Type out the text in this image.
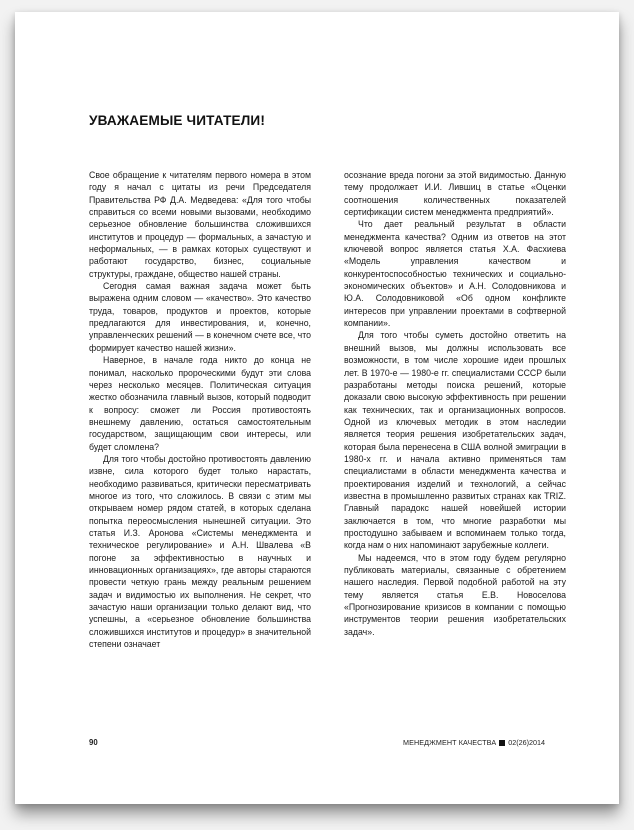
УВАЖАЕМЫЕ ЧИТАТЕЛИ!

Свое обращение к читателям первого номера в этом году я начал с цитаты из речи Председателя Правительства РФ Д.А. Медведева: «Для того чтобы справиться со всеми новыми вызовами, необходимо серьезное обновление большинства сложившихся институтов и процедур — формальных, а зачастую и неформальных, — в рамках которых существуют и работают государство, бизнес, социальные структуры, граждане, общество нашей страны.

Сегодня самая важная задача может быть выражена одним словом — «качество». Это качество труда, товаров, продуктов и проектов, которые предлагаются для инвестирования, и, конечно, управленческих решений — в конечном счете все, что формирует качество нашей жизни».

Наверное, в начале года никто до конца не понимал, насколько пророческими будут эти слова через несколько месяцев. Политическая ситуация жестко обозначила главный вызов, который подводит к вопросу: сможет ли Россия противостоять внешнему давлению, остаться самостоятельным государством, защищающим свои интересы, или будет сломлена?

Для того чтобы достойно противостоять давлению извне, сила которого будет только нарастать, необходимо развиваться, критически пересматривать многое из того, что сложилось. В связи с этим мы открываем номер рядом статей, в которых сделана попытка переосмысления нынешней ситуации. Это статья И.З. Аронова «Системы менеджмента и техническое регулирование» и А.Н. Швалева «В погоне за эффективностью в научных и инновационных организациях», где авторы стараются провести четкую грань между реальным решением задач и видимостью их выполнения. Не секрет, что зачастую наши организации только делают вид, что успешны, а «серьезное обновление большинства сложившихся институтов и процедур» в значительной степени означает

осознание вреда погони за этой видимостью. Данную тему продолжает И.И. Лившиц в статье «Оценки соотношения количественных показателей сертификации систем менеджмента предприятий».

Что дает реальный результат в области менеджмента качества? Одним из ответов на этот ключевой вопрос является статья Х.А. Фасхиева «Модель управления качеством и конкурентоспособностью технических и социально-экономических объектов» и А.Н. Солодовникова и Ю.А. Солодовниковой «Об одном конфликте интересов при управлении проектами в софтверной компании».

Для того чтобы суметь достойно ответить на внешний вызов, мы должны использовать все возможности, в том числе хорошие идеи прошлых лет. В 1970-е — 1980-е гг. специалистами СССР были разработаны методы поиска решений, которые доказали свою высокую эффективность при решении как технических, так и организационных вопросов. Одной из ключевых методик в этом наследии является теория решения изобретательских задач, которая была перенесена в США волной эмиграции в 1980-х гг. и начала активно применяться там специалистами в области менеджмента качества и проектирования изделий и технологий, а сейчас известна в промышленно развитых странах как TRIZ. Главный парадокс нашей новейшей истории заключается в том, что многие разработки мы простодушно забываем и вспоминаем только тогда, когда нам о них напоминают зарубежные коллеги.

Мы надеемся, что в этом году будем регулярно публиковать материалы, связанные с обретением нашего наследия. Первой подобной работой на эту тему является статья Е.В. Новоселова «Прогнозирование кризисов в компании с помощью инструментов теории решения изобретательских задач».

90	МЕНЕДЖМЕНТ КАЧЕСТВА 02(26)2014
